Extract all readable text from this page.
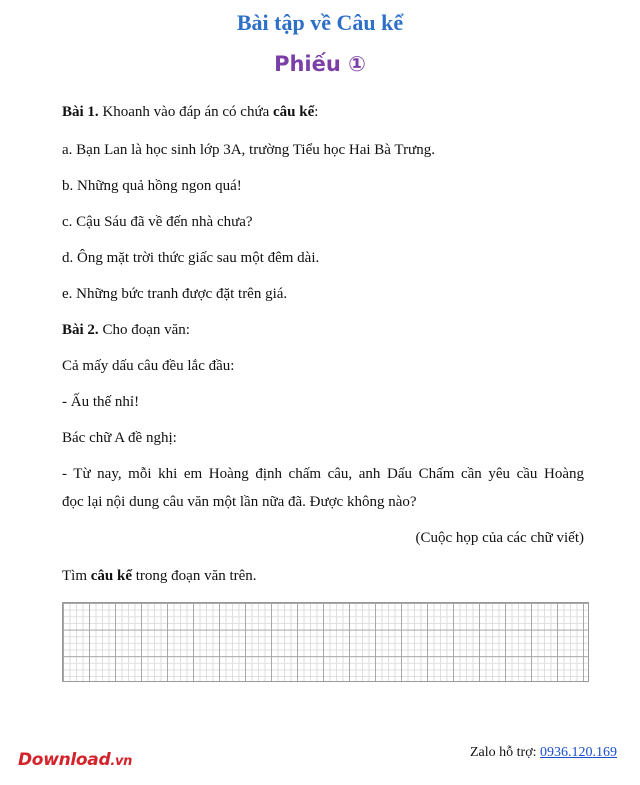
Bài tập về Câu kể
Phiếu ①
Bài 1. Khoanh vào đáp án có chứa câu kể:
a. Bạn Lan là học sinh lớp 3A, trường Tiểu học Hai Bà Trưng.
b. Những quả hồng ngon quá!
c. Cậu Sáu đã về đến nhà chưa?
d. Ông mặt trời thức giấc sau một đêm dài.
e. Những bức tranh được đặt trên giá.
Bài 2. Cho đoạn văn:
Cả mấy dấu câu đều lắc đầu:
- Ấu thế nhỉ!
Bác chữ A đề nghị:
- Từ nay, mỗi khi em Hoàng định chấm câu, anh Dấu Chấm cần yêu cầu Hoàng
đọc lại nội dung câu văn một lần nữa đã. Được không nào?
(Cuộc họp của các chữ viết)
Tìm câu kể trong đoạn văn trên.
Download.vn
Zalo hỗ trợ: 0936.120.169
